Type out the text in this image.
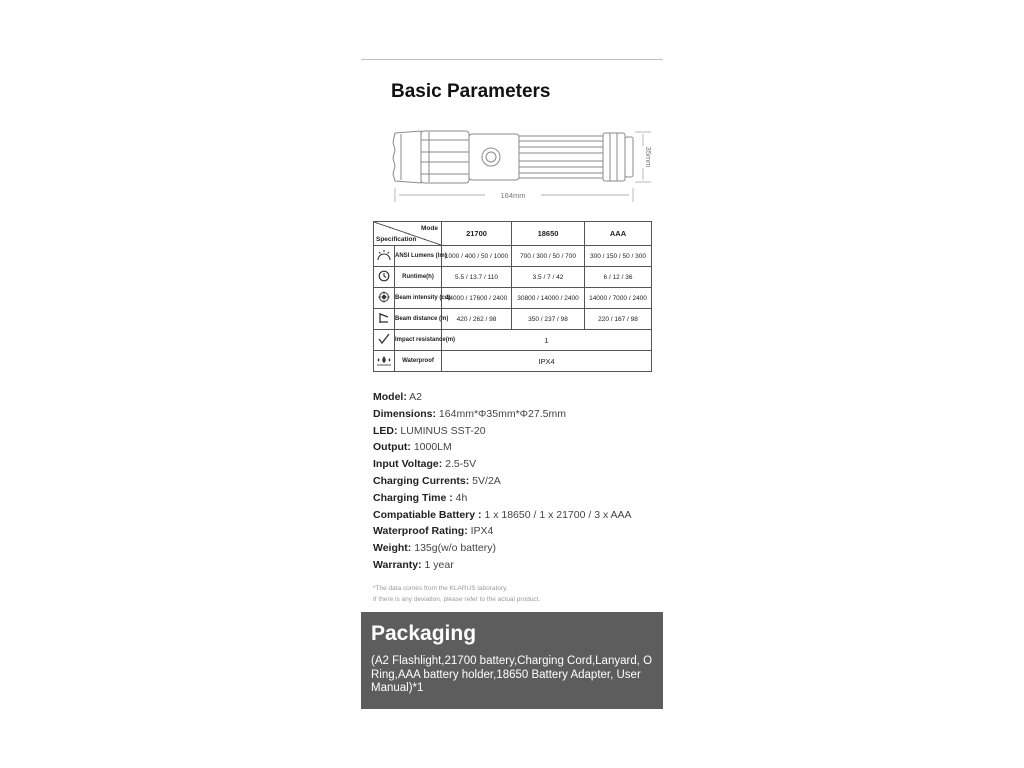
Basic Parameters
164mm
35mm
Mode
Specification		21700	18650	AAA
	ANSI Lumens (lm)	1000 / 400 / 50 / 1000	700 / 300 / 50 / 700	300 / 150 / 50 / 300
	Runtime(h)	5.5 / 13.7 / 110	3.5 / 7 / 42	6 / 12 / 36
	Beam intensity (cd)	44000 / 17600 / 2400	30800 / 14000 / 2400	14000 / 7000 / 2400
	Beam distance (m)	420 / 262 / 98	350 / 237 / 98	220 / 167 / 98
	Impact resistance(m)	1		
	Waterproof	IPX4		
Model: A2
Dimensions: 164mm*Φ35mm*Φ27.5mm
LED: LUMINUS SST-20
Output: 1000LM
Input Voltage: 2.5-5V
Charging Currents: 5V/2A
Charging Time : 4h
Compatiable Battery : 1 x 18650 / 1 x 21700 / 3 x AAA
Waterproof Rating: IPX4
Weight: 135g(w/o battery)
Warranty: 1 year
*The data comes from the KLARUS laboratory.
If there is any deviation, please refer to the actual product.
Packaging
(A2 Flashlight,21700 battery,Charging Cord,Lanyard, O Ring,AAA battery holder,18650 Battery Adapter, User Manual)*1
